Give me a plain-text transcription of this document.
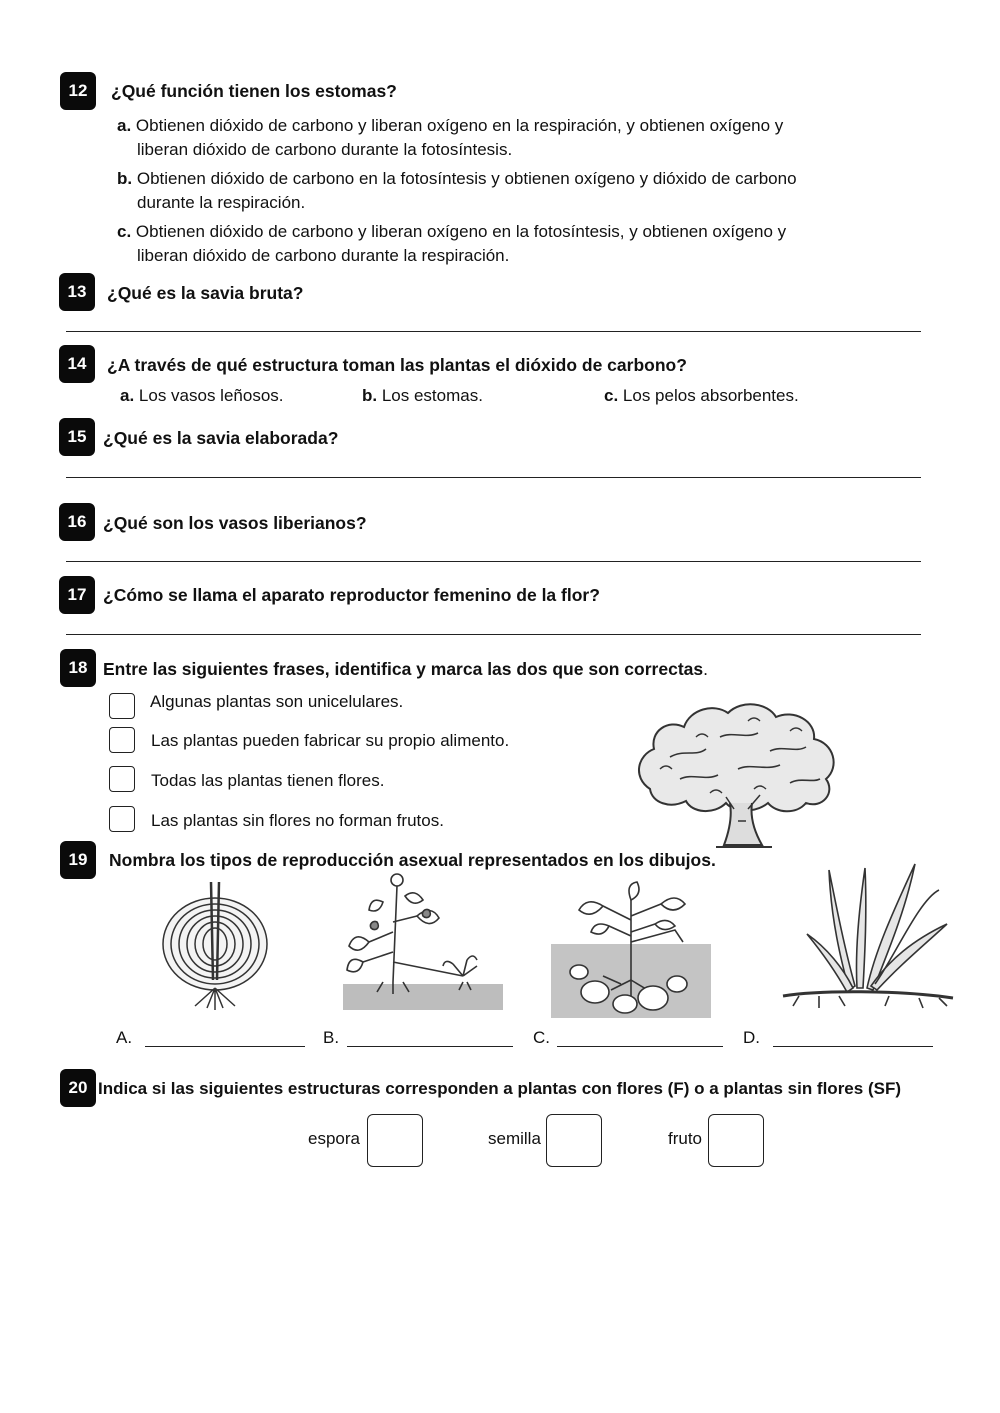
12	¿Qué función tienen los estomas?
a. Obtienen dióxido de carbono y liberan oxígeno en la respiración, y obtienen oxígeno y
liberan dióxido de carbono durante la fotosíntesis.
b. Obtienen dióxido de carbono en la fotosíntesis y obtienen oxígeno y dióxido de carbono
durante la respiración.
c. Obtienen dióxido de carbono y liberan oxígeno en la fotosíntesis, y obtienen oxígeno y
liberan dióxido de carbono durante la respiración.
13	¿Qué es la savia bruta?
14	¿A través de qué estructura toman las plantas el dióxido de carbono?
a. Los vasos leñosos.	b. Los estomas.	c. Los pelos absorbentes.
15 ¿Qué es la savia elaborada?
16 ¿Qué son los vasos liberianos?
17 ¿Cómo se llama el aparato reproductor femenino de la flor?
18 Entre las siguientes frases, identifica y marca las dos que son correctas.
Algunas plantas son unicelulares.
Las plantas pueden fabricar su propio alimento.
Todas las plantas tienen flores.
Las plantas sin flores no forman frutos.
19	Nombra los tipos de reproducción asexual representados en los dibujos.
A.	B.	C.	D.
20 Indica si las siguientes estructuras corresponden a plantas con flores (F) o a plantas sin flores (SF)
espora	semilla	fruto
